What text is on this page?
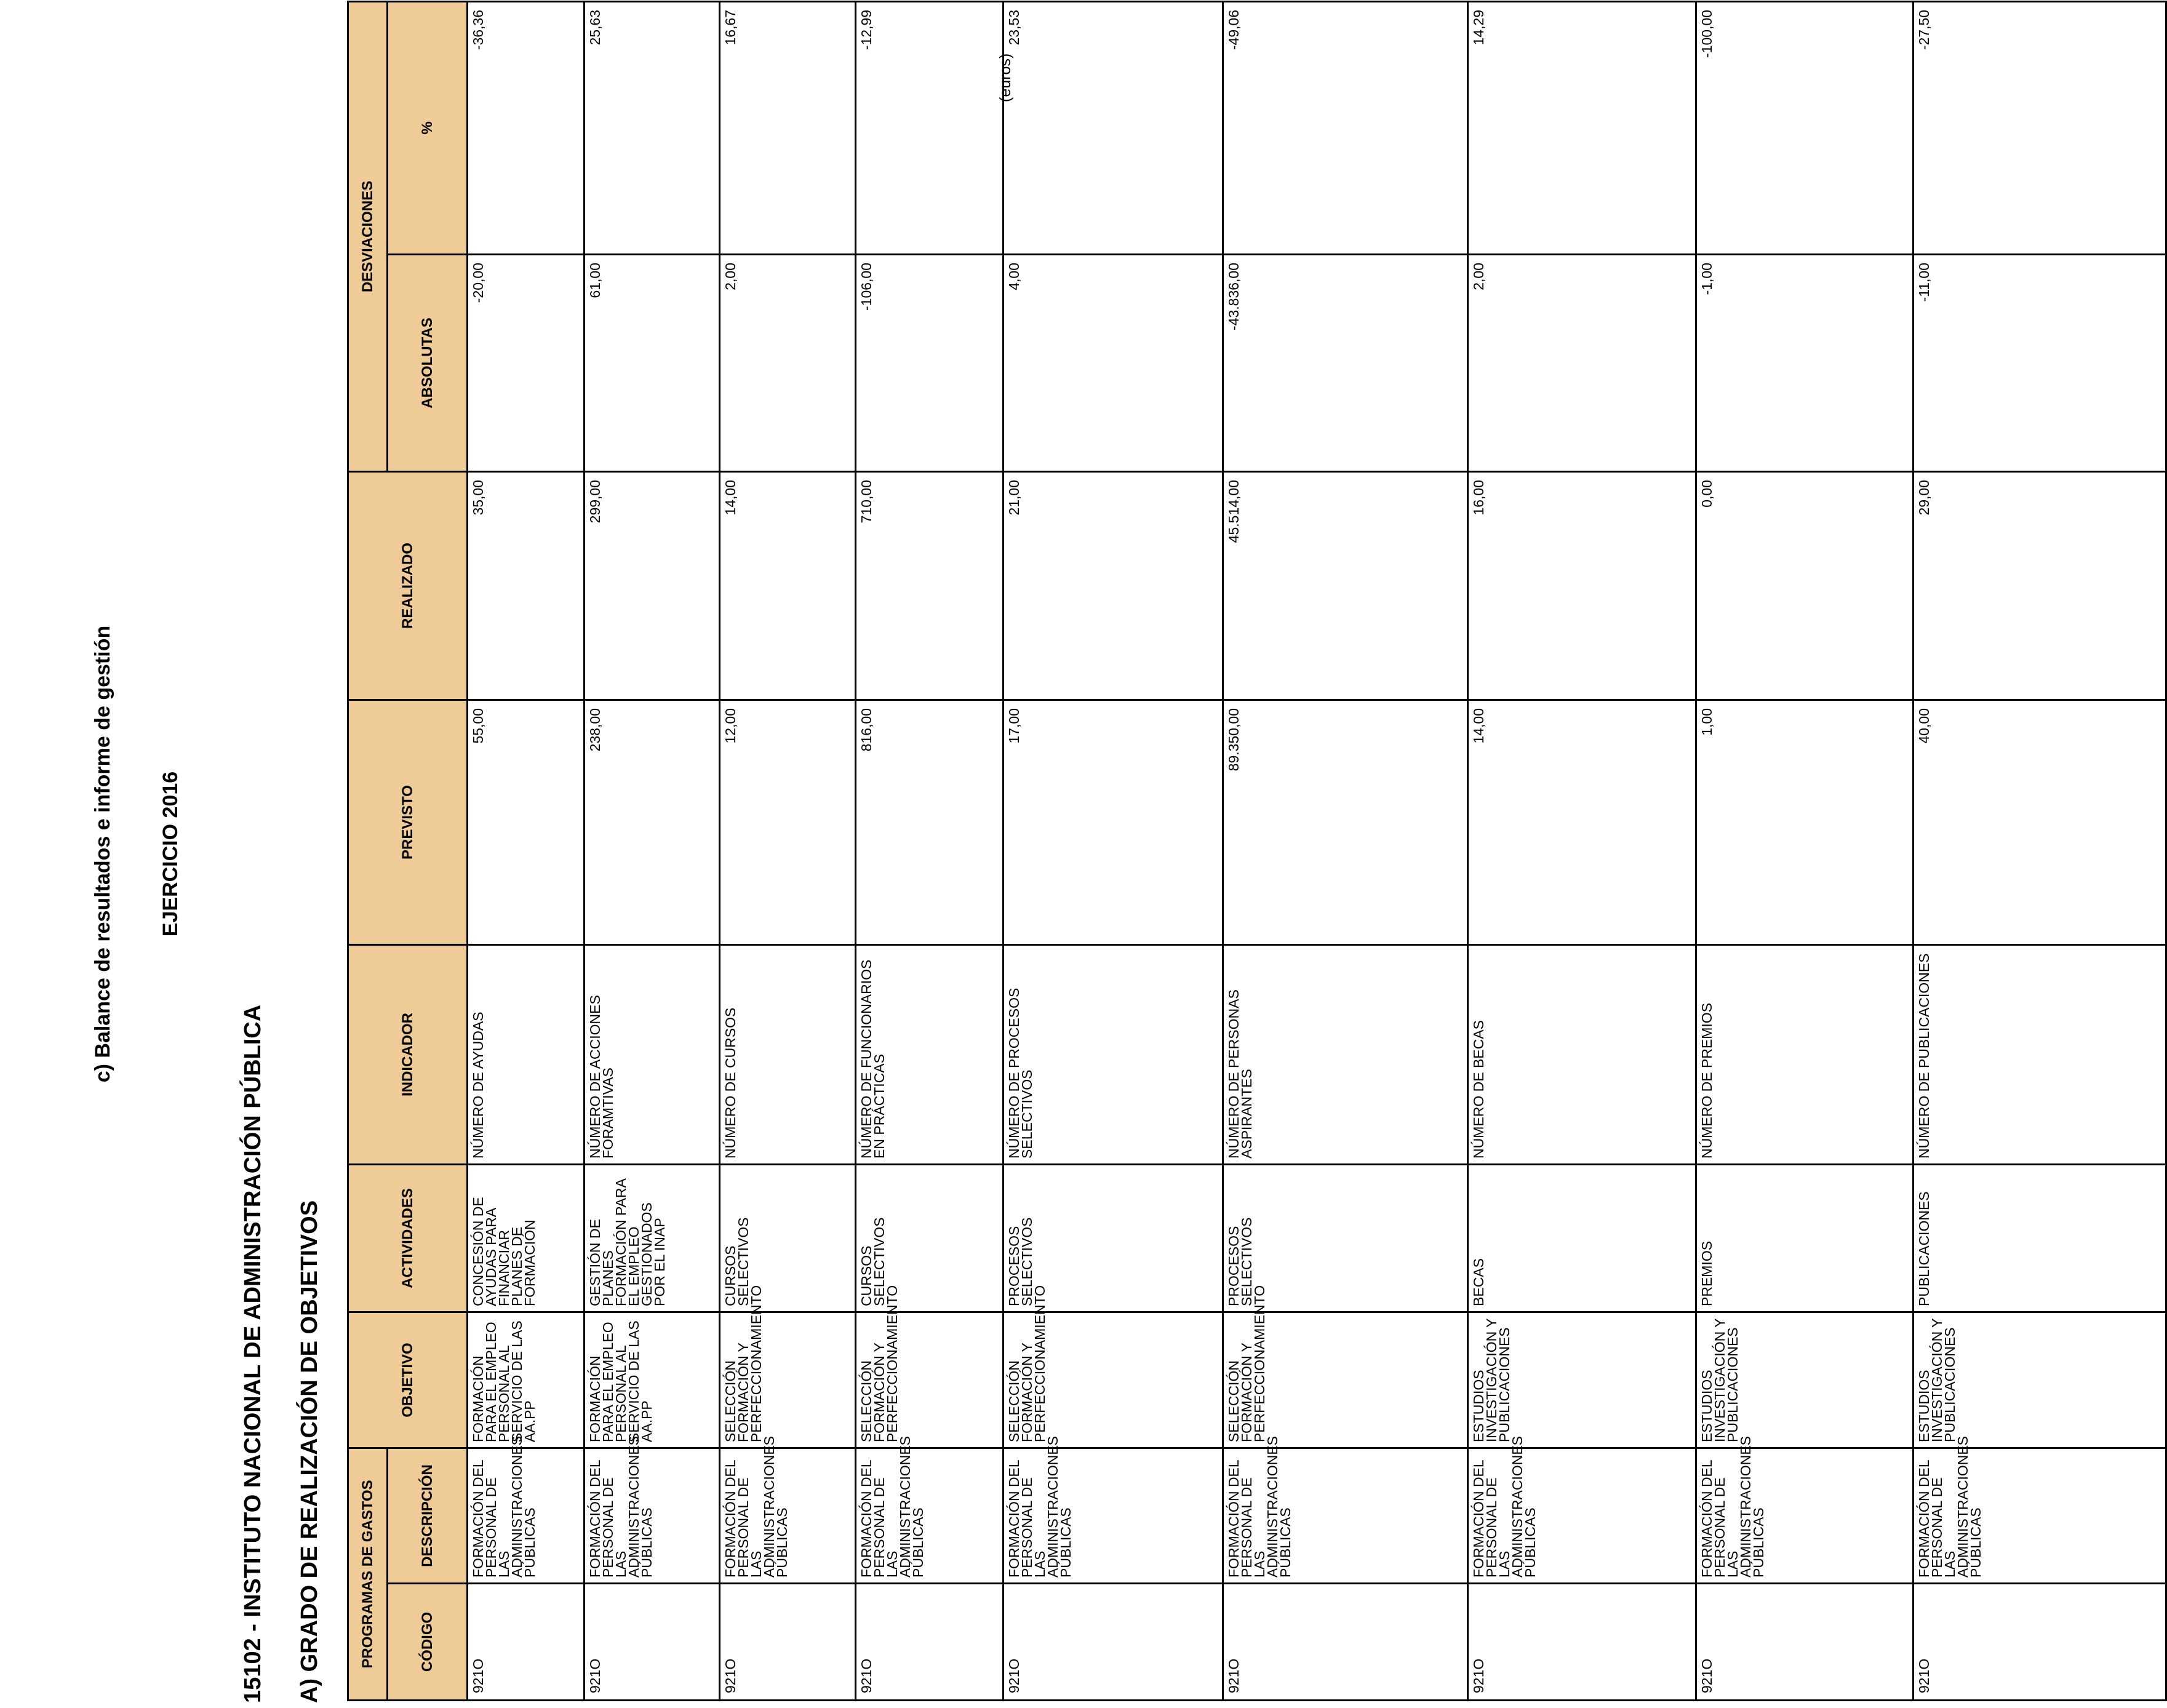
c) Balance de resultados e informe de gestión EJERCICIO 2016
15102 - INSTITUTO NACIONAL DE ADMINISTRACIÓN PÚBLICA A) GRADO DE REALIZACIÓN DE OBJETIVOS
(euros)
PROGRAMAS DE GASTOS		OBJETIVO	ACTIVIDADES	INDICADOR	PREVISTO	REALIZADO	DESVIACIONES	
CÓDIGO	DESCRIPCIÓN						ABSOLUTAS	%
921O	FORMACIÓN DEL PERSONAL DE LAS ADMINISTRACIONES PÚBLICAS	FORMACIÓN PARA EL EMPLEO PERSONAL AL SERVICIO DE LAS AA.PP	CONCESIÓN DE AYUDAS PARA FINANCIAR PLANES DE FORMACIÓN	NÚMERO DE AYUDAS	55,00	35,00	-20,00	-36,36
921O	FORMACIÓN DEL PERSONAL DE LAS ADMINISTRACIONES PÚBLICAS	FORMACIÓN PARA EL EMPLEO PERSONAL AL SERVICIO DE LAS AA.PP	GESTIÓN DE PLANES FORMACIÓN PARA EL EMPLEO GESTIONADOS POR EL INAP	NÚMERO DE ACCIONES FORAMTIVAS	238,00	299,00	61,00	25,63
921O	FORMACIÓN DEL PERSONAL DE LAS ADMINISTRACIONES PÚBLICAS	SELECCIÓN FORMACIÓN Y PERFECCIONAMIENTO	CURSOS SELECTIVOS	NÚMERO DE CURSOS	12,00	14,00	2,00	16,67
921O	FORMACIÓN DEL PERSONAL DE LAS ADMINISTRACIONES PÚBLICAS	SELECCIÓN FORMACIÓN Y PERFECCIONAMIENTO	CURSOS SELECTIVOS	NÚMERO DE FUNCIONARIOS EN PRÁCTICAS	816,00	710,00	-106,00	-12,99
921O	FORMACIÓN DEL PERSONAL DE LAS ADMINISTRACIONES PÚBLICAS	SELECCIÓN FORMACIÓN Y PERFECCIONAMIENTO	PROCESOS SELECTIVOS	NÚMERO DE PROCESOS SELECTIVOS	17,00	21,00	4,00	23,53
921O	FORMACIÓN DEL PERSONAL DE LAS ADMINISTRACIONES PÚBLICAS	SELECCIÓN FORMACIÓN Y PERFECCIONAMIENTO	PROCESOS SELECTIVOS	NÚMERO DE PERSONAS ASPIRANTES	89.350,00	45.514,00	-43.836,00	-49,06
921O	FORMACIÓN DEL PERSONAL DE LAS ADMINISTRACIONES PÚBLICAS	ESTUDIOS INVESTIGACIÓN Y PUBLICACIONES	BECAS	NÚMERO DE BECAS	14,00	16,00	2,00	14,29
921O	FORMACIÓN DEL PERSONAL DE LAS ADMINISTRACIONES PÚBLICAS	ESTUDIOS INVESTIGACIÓN Y PUBLICACIONES	PREMIOS	NÚMERO DE PREMIOS	1,00	0,00	-1,00	-100,00
921O	FORMACIÓN DEL PERSONAL DE LAS ADMINISTRACIONES PÚBLICAS	ESTUDIOS INVESTIGACIÓN Y PUBLICACIONES	PUBLICACIONES	NÚMERO DE PUBLICACIONES	40,00	29,00	-11,00	-27,50
